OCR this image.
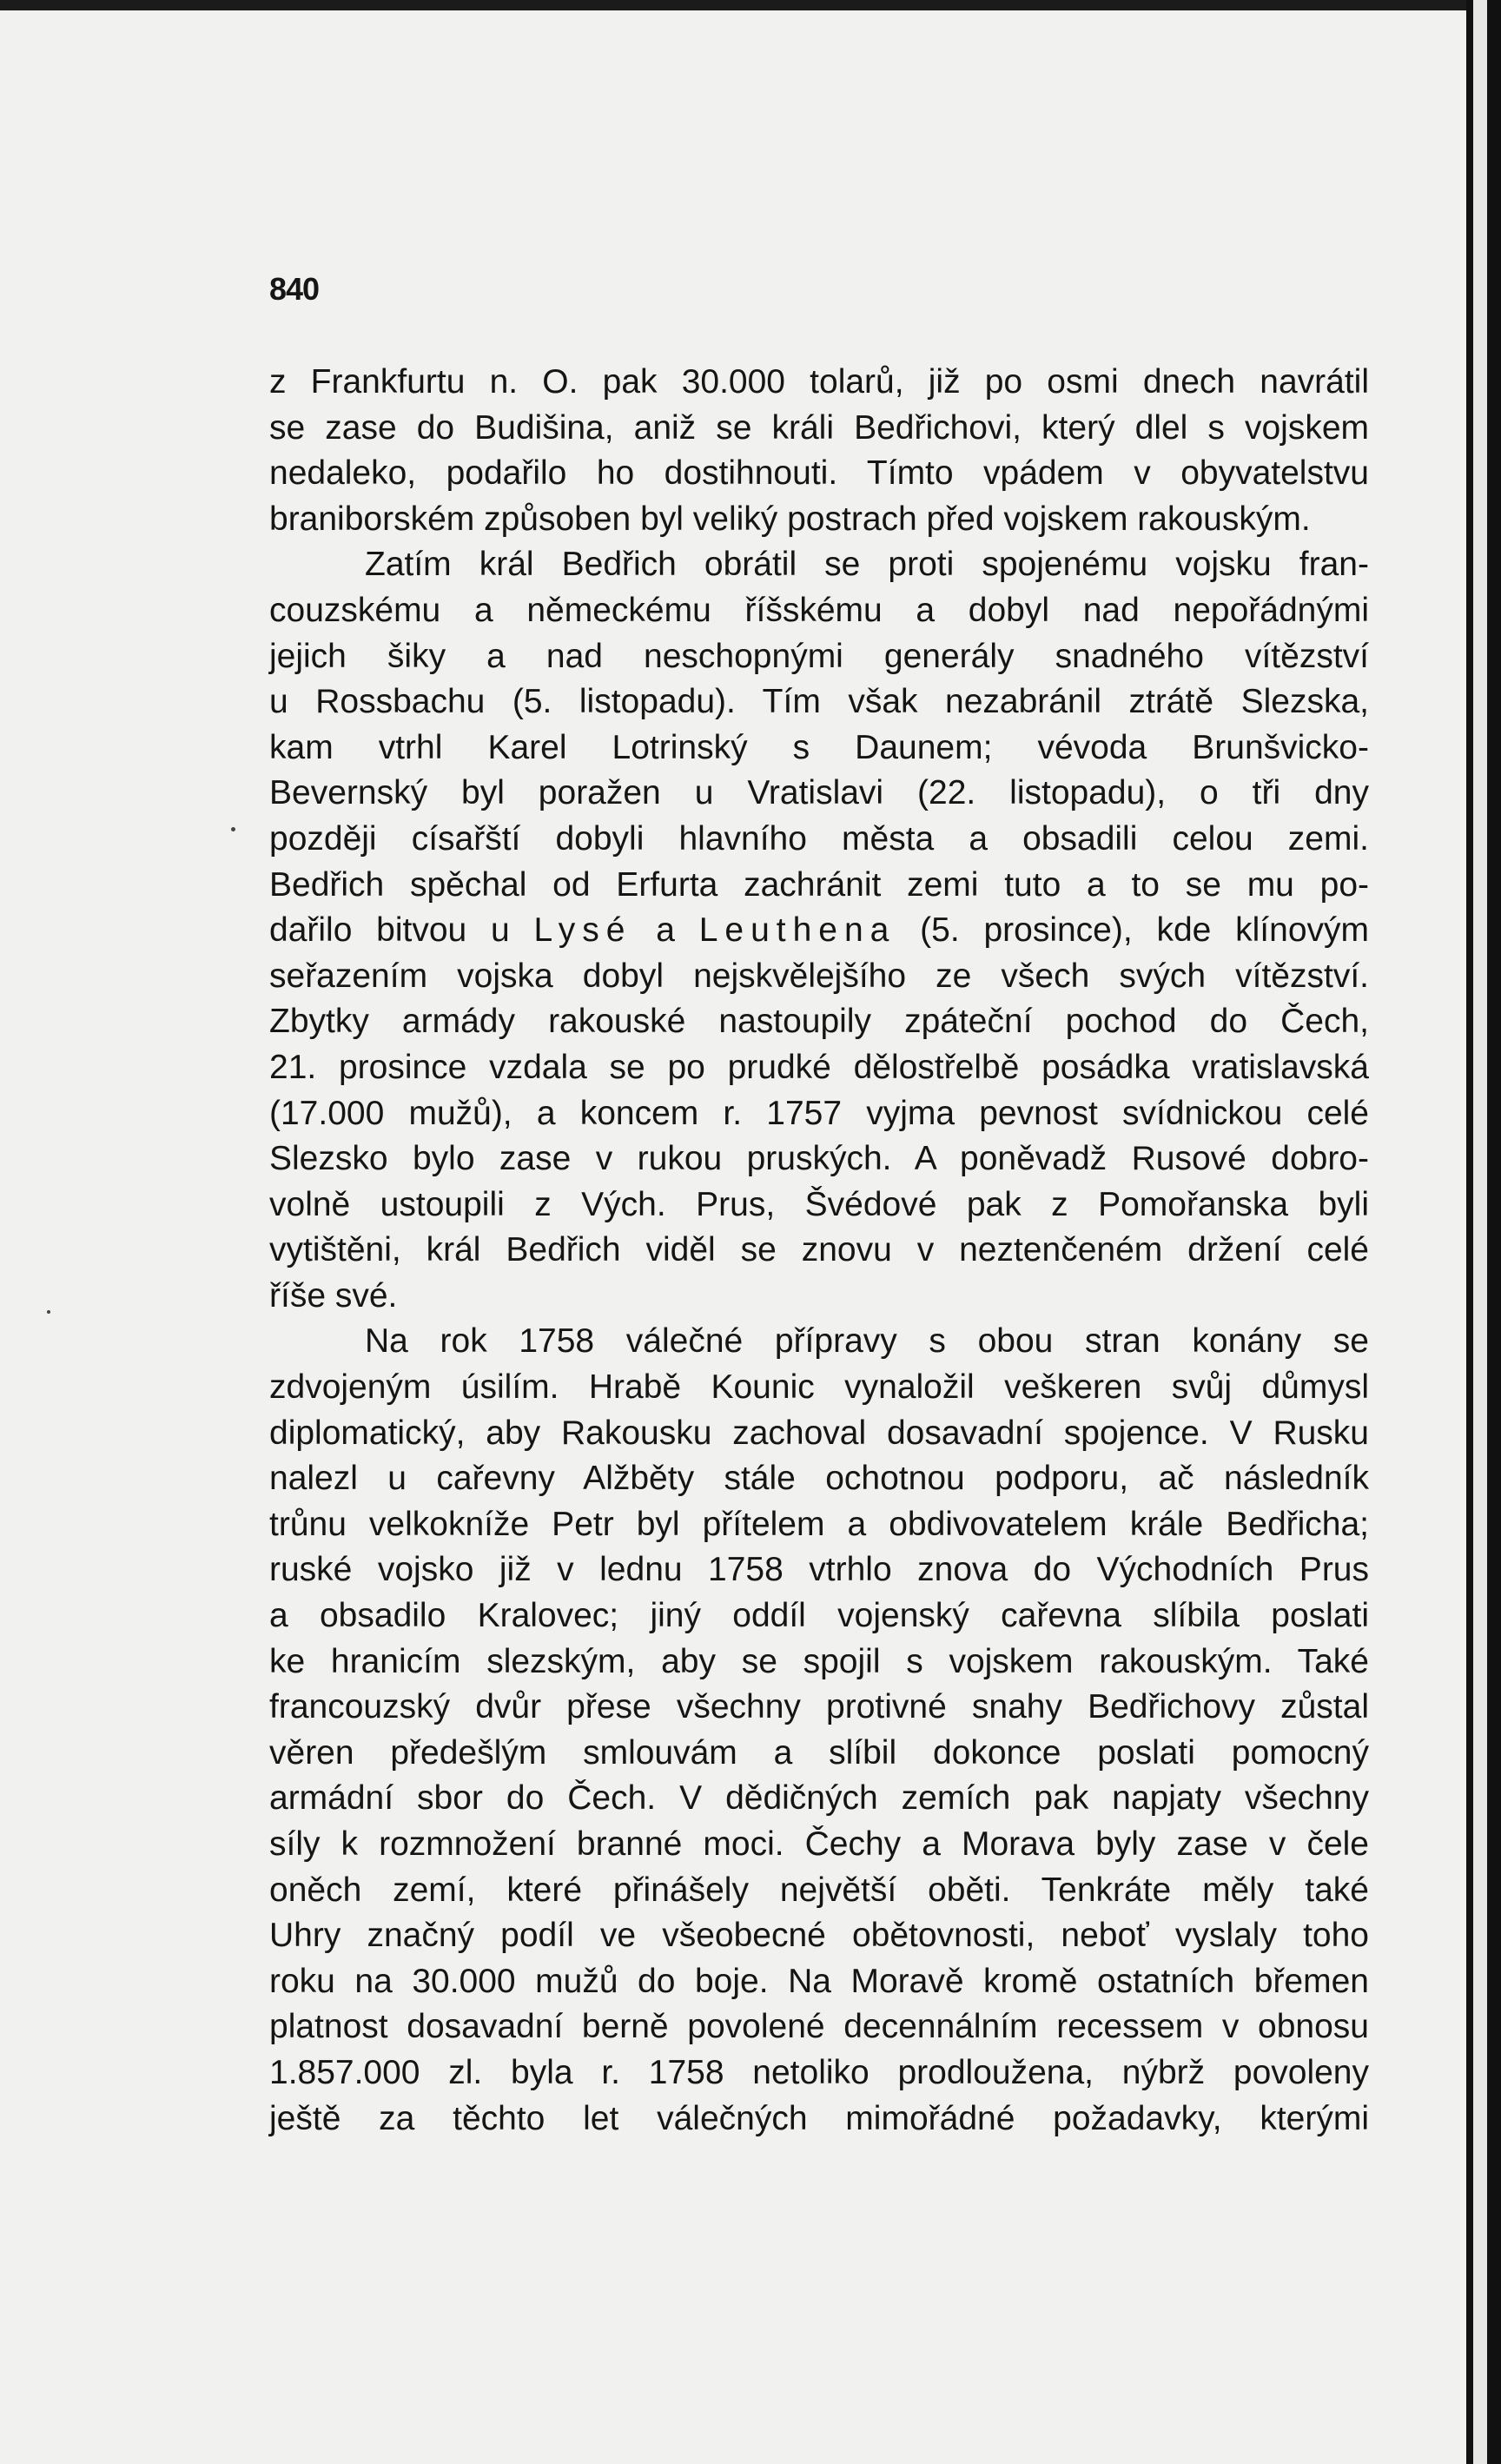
840
z Frankfurtu n. O. pak 30.000 tolarů, již po osmi dnech navrátil
se zase do Budišina, aniž se králi Bedřichovi, který dlel s vojskem
nedaleko, podařilo ho dostihnouti. Tímto vpádem v obyvatelstvu
braniborském způsoben byl veliký postrach před vojskem rakouským.
Zatím král Bedřich obrátil se proti spojenému vojsku fran-
couzskému a německému říšskému a dobyl nad nepořádnými
jejich šiky a nad neschopnými generály snadného vítězství
u Rossbachu (5. listopadu). Tím však nezabránil ztrátě Slezska,
kam vtrhl Karel Lotrinský s Daunem; vévoda Brunšvicko-
Bevernský byl poražen u Vratislavi (22. listopadu), o tři dny
později císařští dobyli hlavního města a obsadili celou zemi.
Bedřich spěchal od Erfurta zachránit zemi tuto a to se mu po-
dařilo bitvou u Lysé a Leuthena (5. prosince), kde klínovým
seřazením vojska dobyl nejskvělejšího ze všech svých vítězství.
Zbytky armády rakouské nastoupily zpáteční pochod do Čech,
21. prosince vzdala se po prudké dělostřelbě posádka vratislavská
(17.000 mužů), a koncem r. 1757 vyjma pevnost svídnickou celé
Slezsko bylo zase v rukou pruských. A poněvadž Rusové dobro-
volně ustoupili z Vých. Prus, Švédové pak z Pomořanska byli
vytištěni, král Bedřich viděl se znovu v neztenčeném držení celé
říše své.
Na rok 1758 válečné přípravy s obou stran konány se
zdvojeným úsilím. Hrabě Kounic vynaložil veškeren svůj důmysl
diplomatický, aby Rakousku zachoval dosavadní spojence. V Rusku
nalezl u cařevny Alžběty stále ochotnou podporu, ač následník
trůnu velkokníže Petr byl přítelem a obdivovatelem krále Bedřicha;
ruské vojsko již v lednu 1758 vtrhlo znova do Východních Prus
a obsadilo Kralovec; jiný oddíl vojenský cařevna slíbila poslati
ke hranicím slezským, aby se spojil s vojskem rakouským. Také
francouzský dvůr přese všechny protivné snahy Bedřichovy zůstal
věren předešlým smlouvám a slíbil dokonce poslati pomocný
armádní sbor do Čech. V dědičných zemích pak napjaty všechny
síly k rozmnožení branné moci. Čechy a Morava byly zase v čele
oněch zemí, které přinášely největší oběti. Tenkráte měly také
Uhry značný podíl ve všeobecné obětovnosti, neboť vyslaly toho
roku na 30.000 mužů do boje. Na Moravě kromě ostatních břemen
platnost dosavadní berně povolené decennálním recessem v obnosu
1.857.000 zl. byla r. 1758 netoliko prodloužena, nýbrž povoleny
ještě za těchto let válečných mimořádné požadavky, kterými
